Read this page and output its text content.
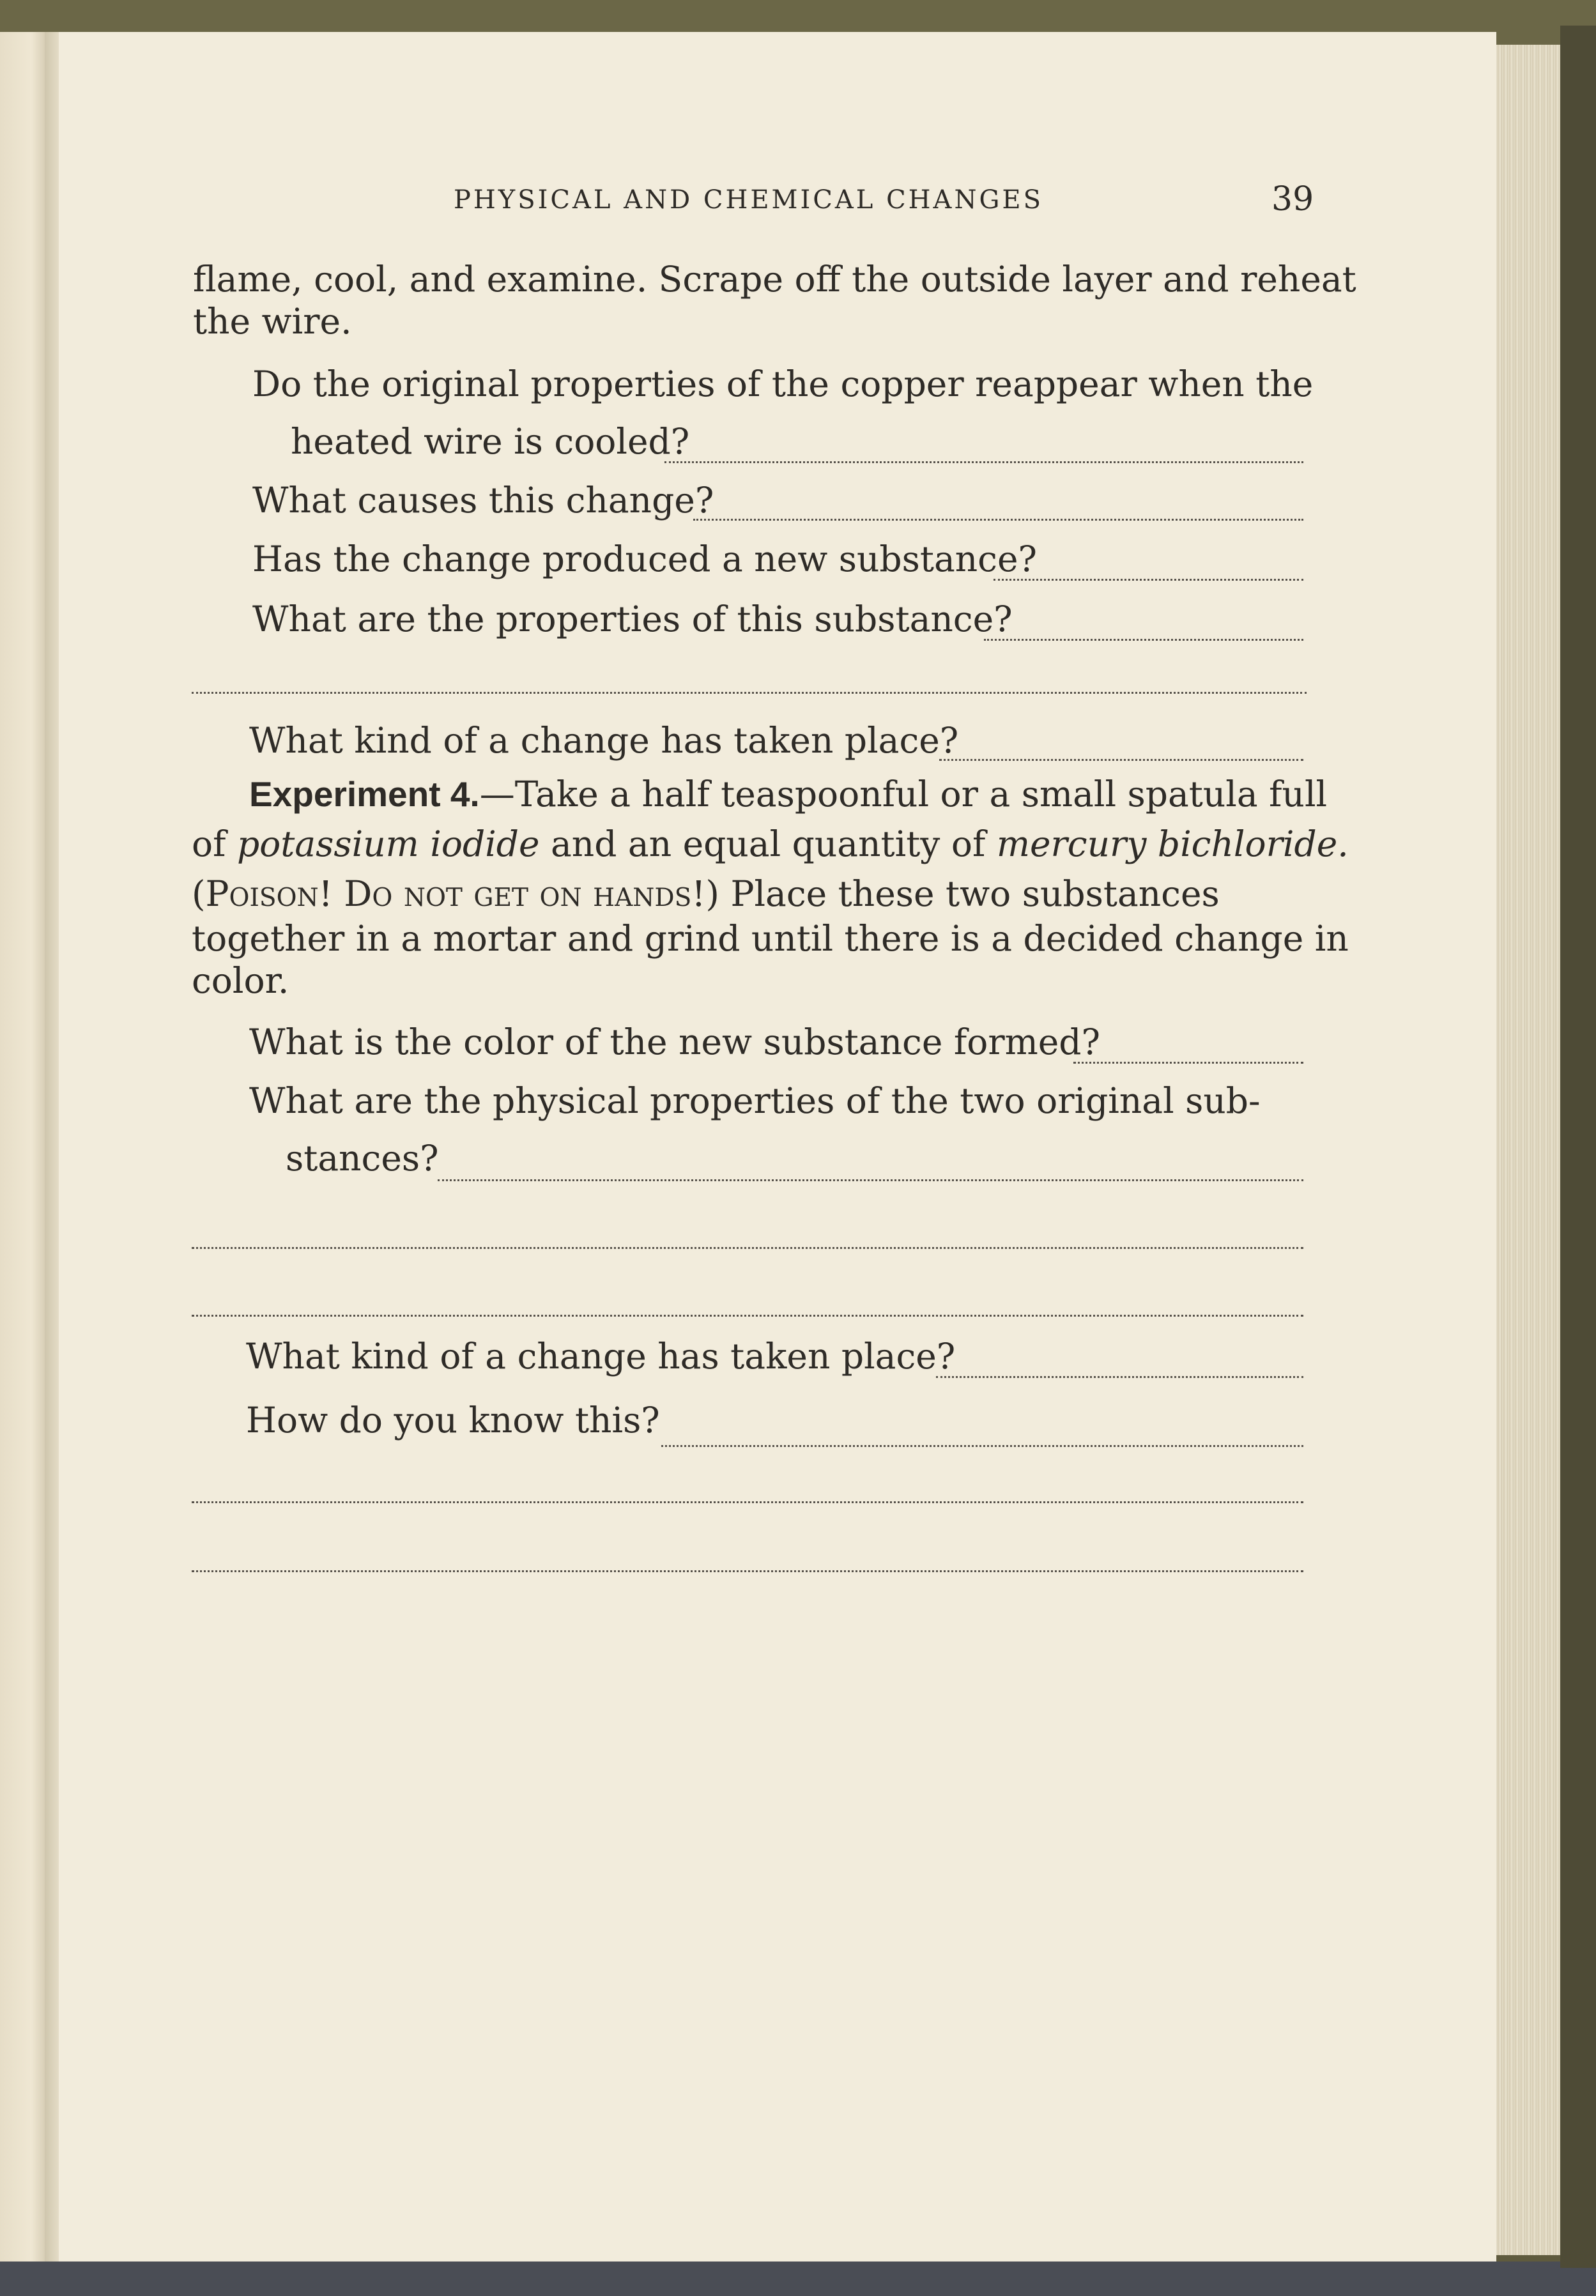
PHYSICAL AND CHEMICAL CHANGES	39

flame, cool, and examine. Scrape off the outside layer and reheat

the wire.

Do the original properties of the copper reappear when the

heated wire is cooled?

What causes this change?

Has the change produced a new substance?

What are the properties of this substance?

What kind of a change has taken place?

Experiment 4.—Take a half teaspoonful or a small spatula full

of potassium iodide and an equal quantity of mercury bichloride.

(Poison! Do not get on hands!) Place these two substances

together in a mortar and grind until there is a decided change in

color.

What is the color of the new substance formed?

What are the physical properties of the two original sub-

stances?

What kind of a change has taken place?

How do you know this?
